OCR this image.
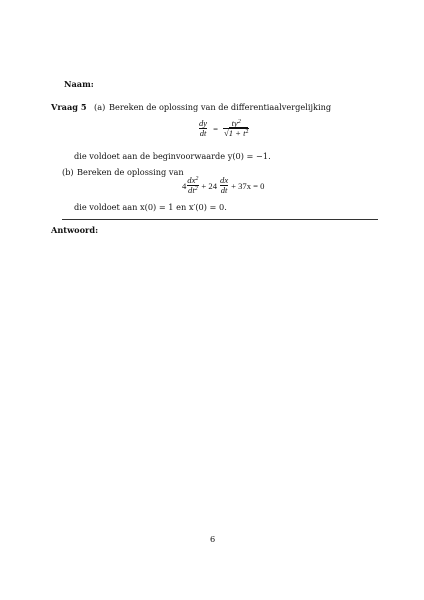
Naam:
Vraag 5 (a) Bereken de oplossing van de differentiaalvergelijking
$\frac{dy}{dt} = \frac{ty^2}{√1 + t^2}$
die voldoet aan de beginvoorwaarde y(0) = −1.
(b) Bereken de oplossing van
$4 \frac{dx^2}{dt^2} + 24 \frac{dx}{dt} + 37x = 0$
die voldoet aan x(0) = 1 en x′(0) = 0.
Antwoord:
6
